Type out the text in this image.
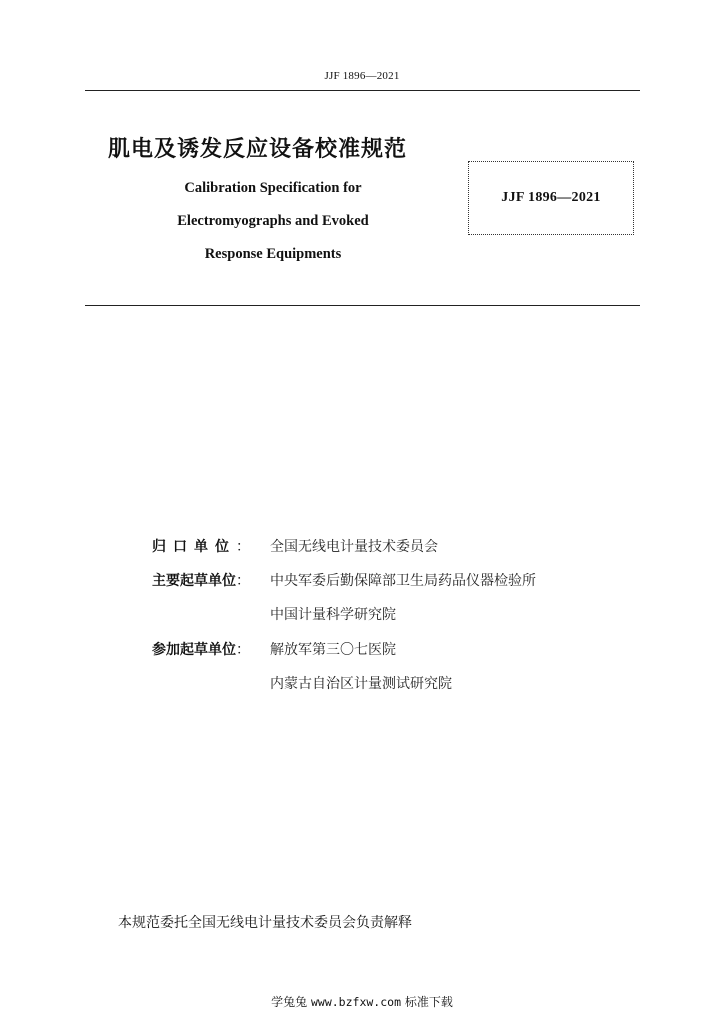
JJF 1896—2021
肌电及诱发反应设备校准规范
Calibration Specification for
Electromyographs and Evoked
Response Equipments
JJF 1896—2021
归口单位： 全国无线电计量技术委员会
主要起草单位： 中央军委后勤保障部卫生局药品仪器检验所
中国计量科学研究院
参加起草单位： 解放军第三〇七医院
内蒙古自治区计量测试研究院
本规范委托全国无线电计量技术委员会负责解释
学兔兔 www.bzfxw.com 标准下载
